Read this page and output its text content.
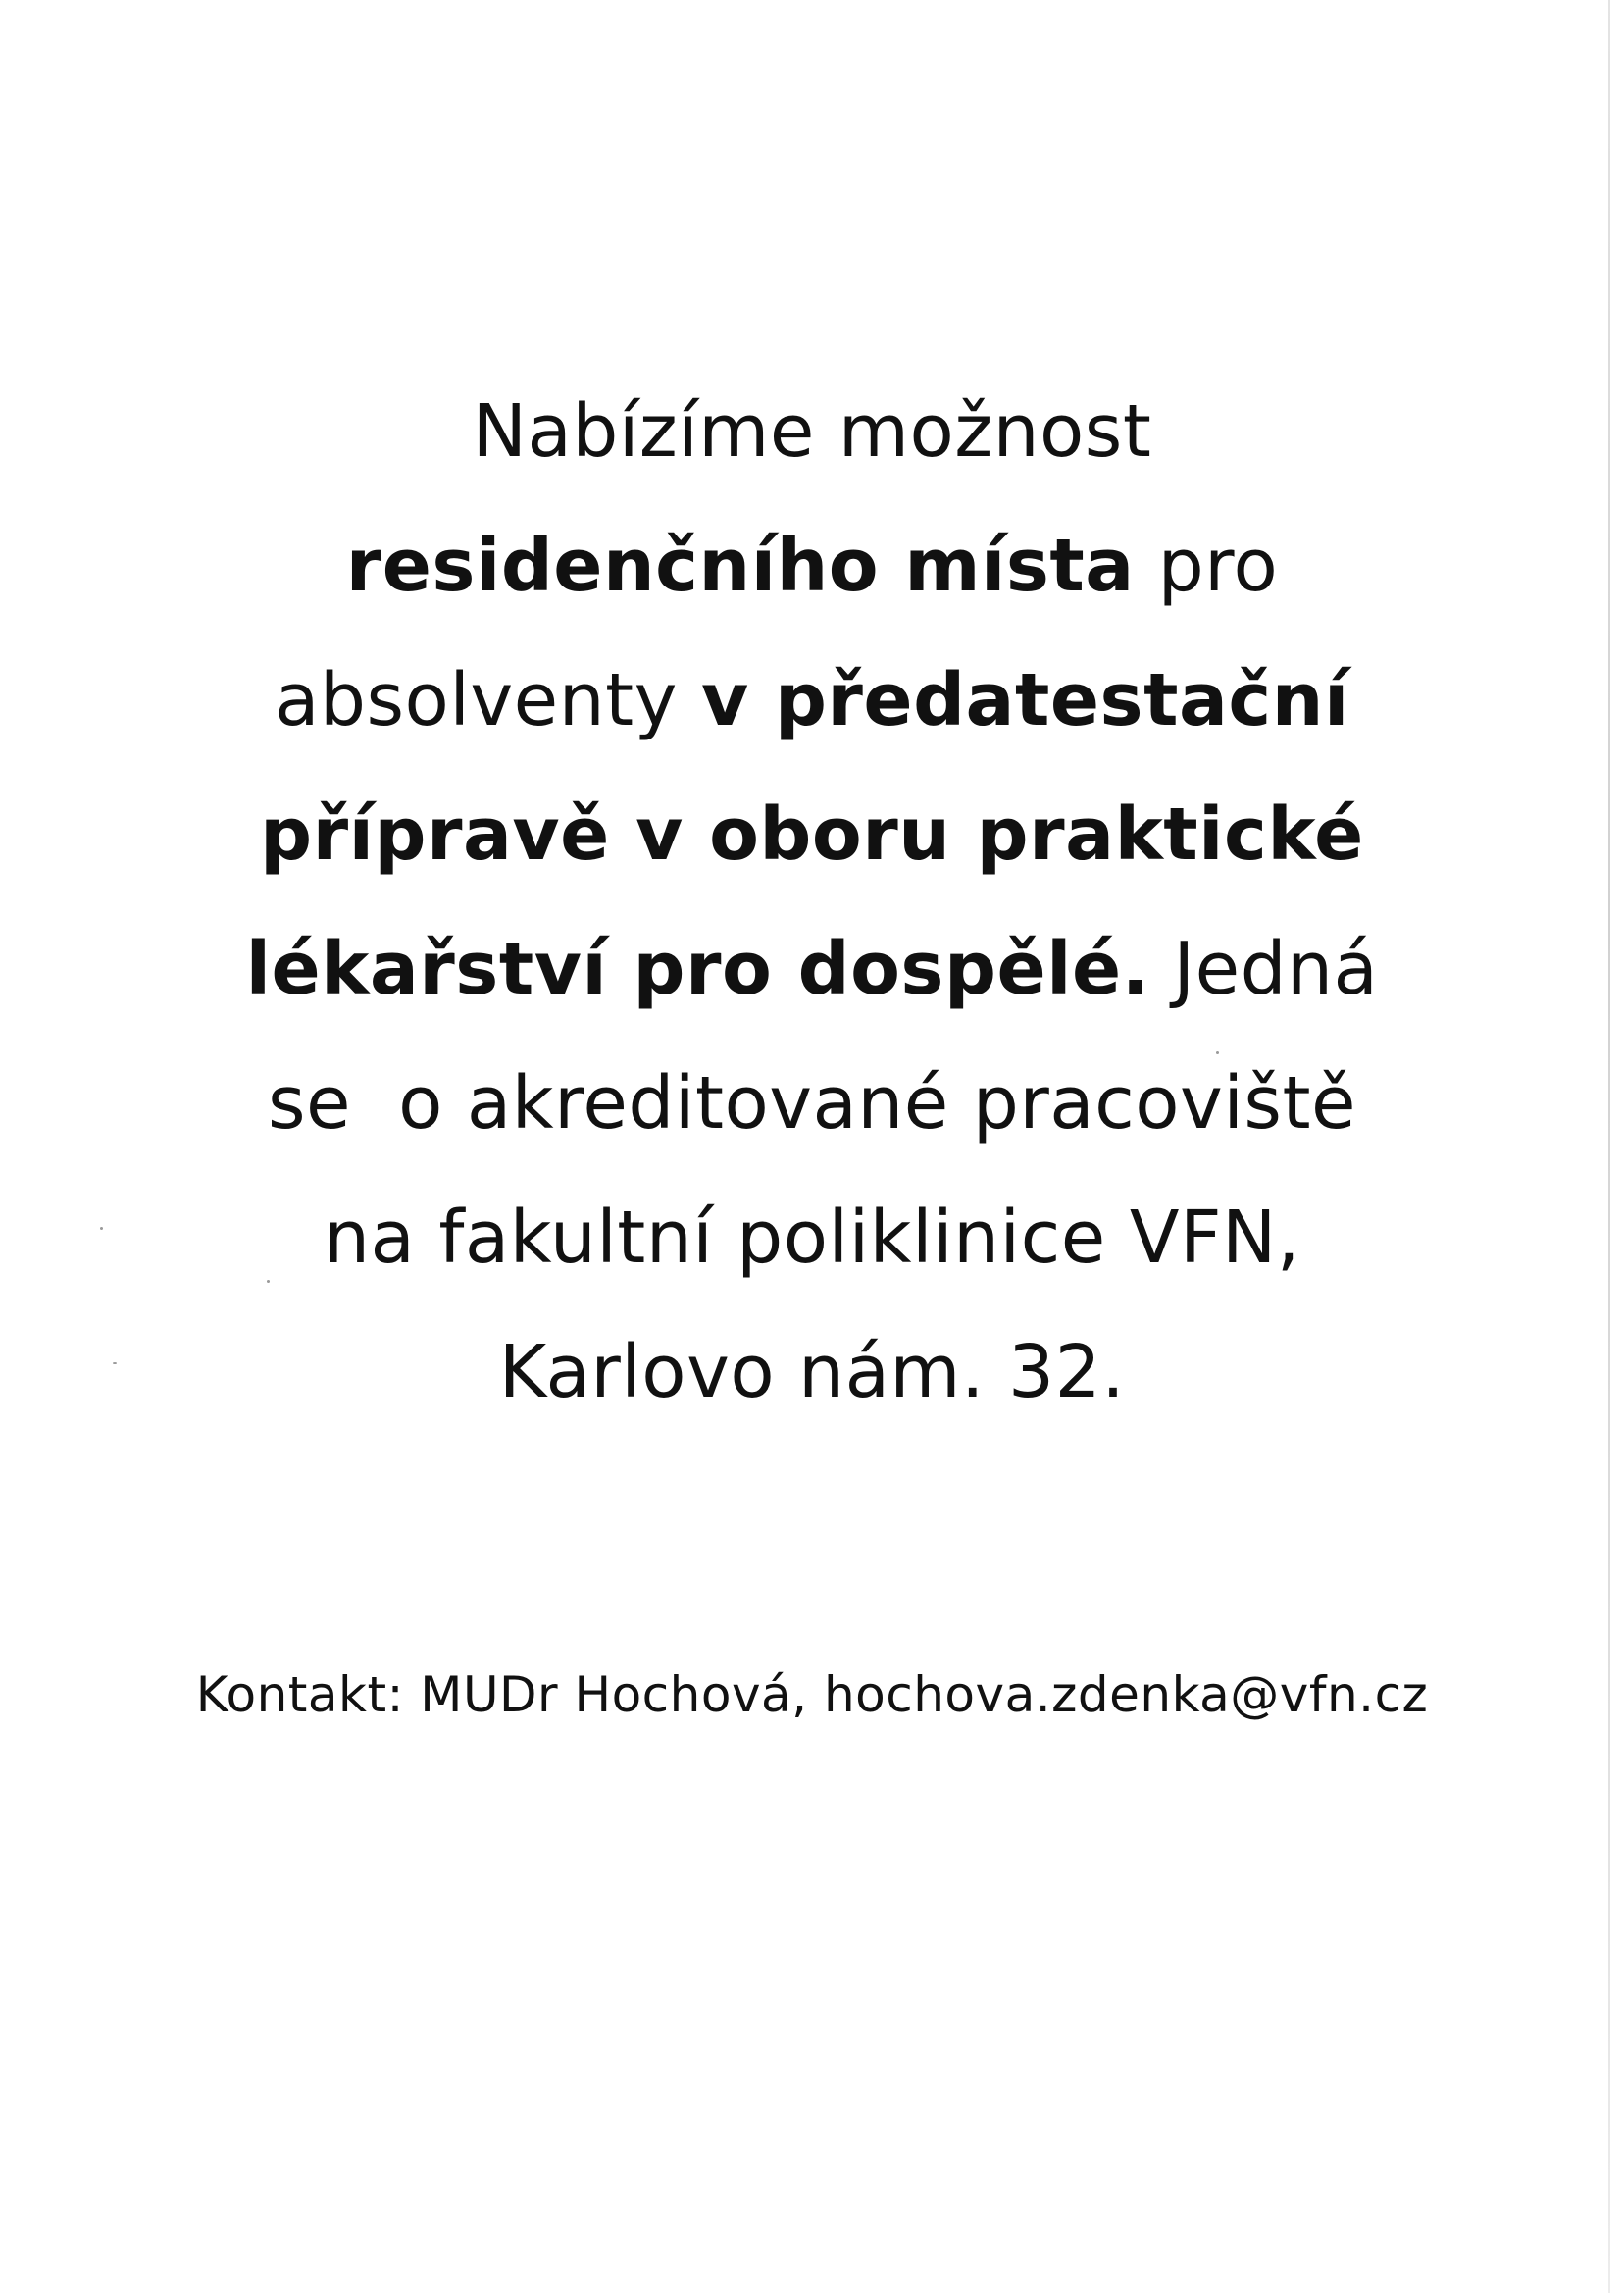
Nabízíme možnost
residenčního místa pro
absolventy v předatestační
přípravě v oboru praktické
lékařství pro dospělé. Jedná
se  o akreditované pracoviště
na fakultní poliklinice VFN,
Karlovo nám. 32.

Kontakt: MUDr Hochová, hochova.zdenka@vfn.cz
